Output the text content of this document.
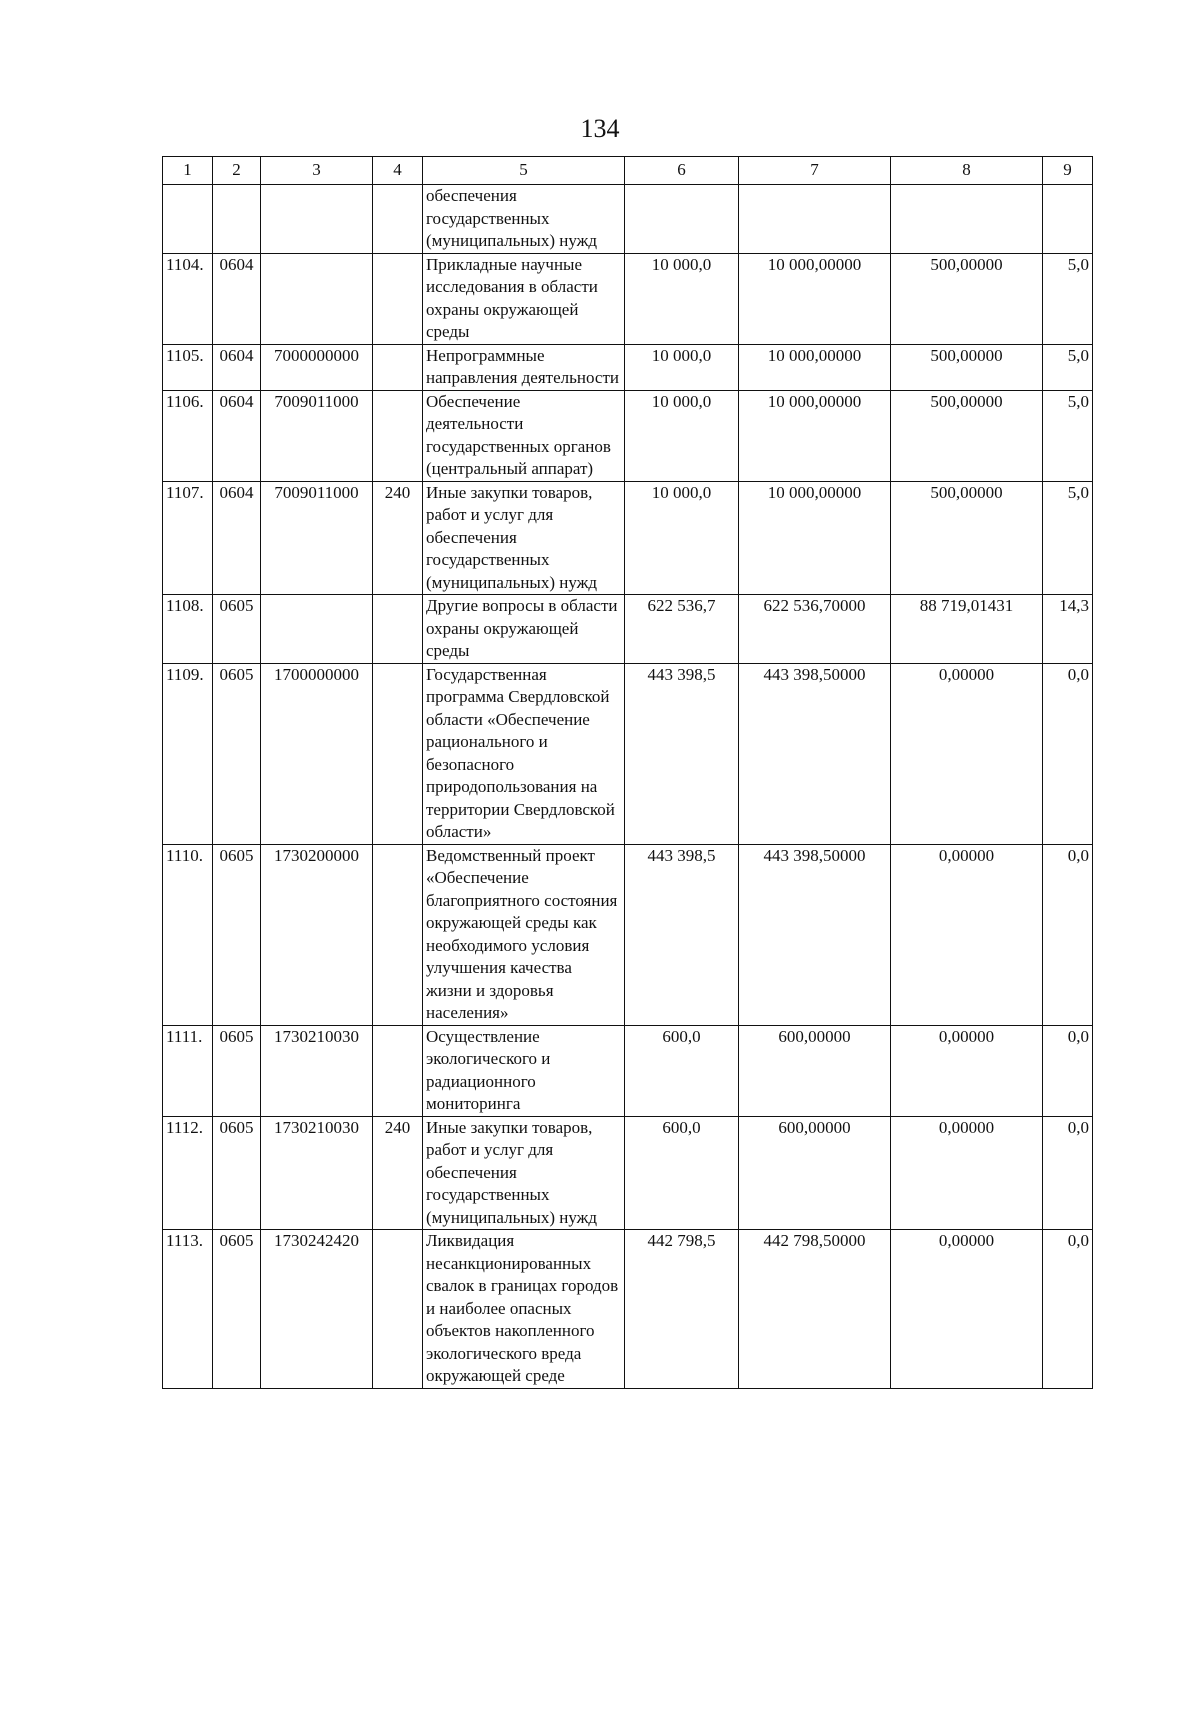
134
1	2	3	4	5	6	7	8	9
				обеспечения государственных (муниципальных) нужд				
1104.	0604			Прикладные научные исследования в области охраны окружающей среды	10 000,0	10 000,00000	500,00000	5,0
1105.	0604	7000000000		Непрограммные направления деятельности	10 000,0	10 000,00000	500,00000	5,0
1106.	0604	7009011000		Обеспечение деятельности государственных органов (центральный аппарат)	10 000,0	10 000,00000	500,00000	5,0
1107.	0604	7009011000	240	Иные закупки товаров, работ и услуг для обеспечения государственных (муниципальных) нужд	10 000,0	10 000,00000	500,00000	5,0
1108.	0605			Другие вопросы в области охраны окружающей среды	622 536,7	622 536,70000	88 719,01431	14,3
1109.	0605	1700000000		Государственная программа Свердловской области «Обеспечение рационального и безопасного природопользования на территории Свердловской области»	443 398,5	443 398,50000	0,00000	0,0
1110.	0605	1730200000		Ведомственный проект «Обеспечение благоприятного состояния окружающей среды как необходимого условия улучшения качества жизни и здоровья населения»	443 398,5	443 398,50000	0,00000	0,0
1111.	0605	1730210030		Осуществление экологического и радиационного мониторинга	600,0	600,00000	0,00000	0,0
1112.	0605	1730210030	240	Иные закупки товаров, работ и услуг для обеспечения государственных (муниципальных) нужд	600,0	600,00000	0,00000	0,0
1113.	0605	1730242420		Ликвидация несанкционированных свалок в границах городов и наиболее опасных объектов накопленного экологического вреда окружающей среде	442 798,5	442 798,50000	0,00000	0,0
